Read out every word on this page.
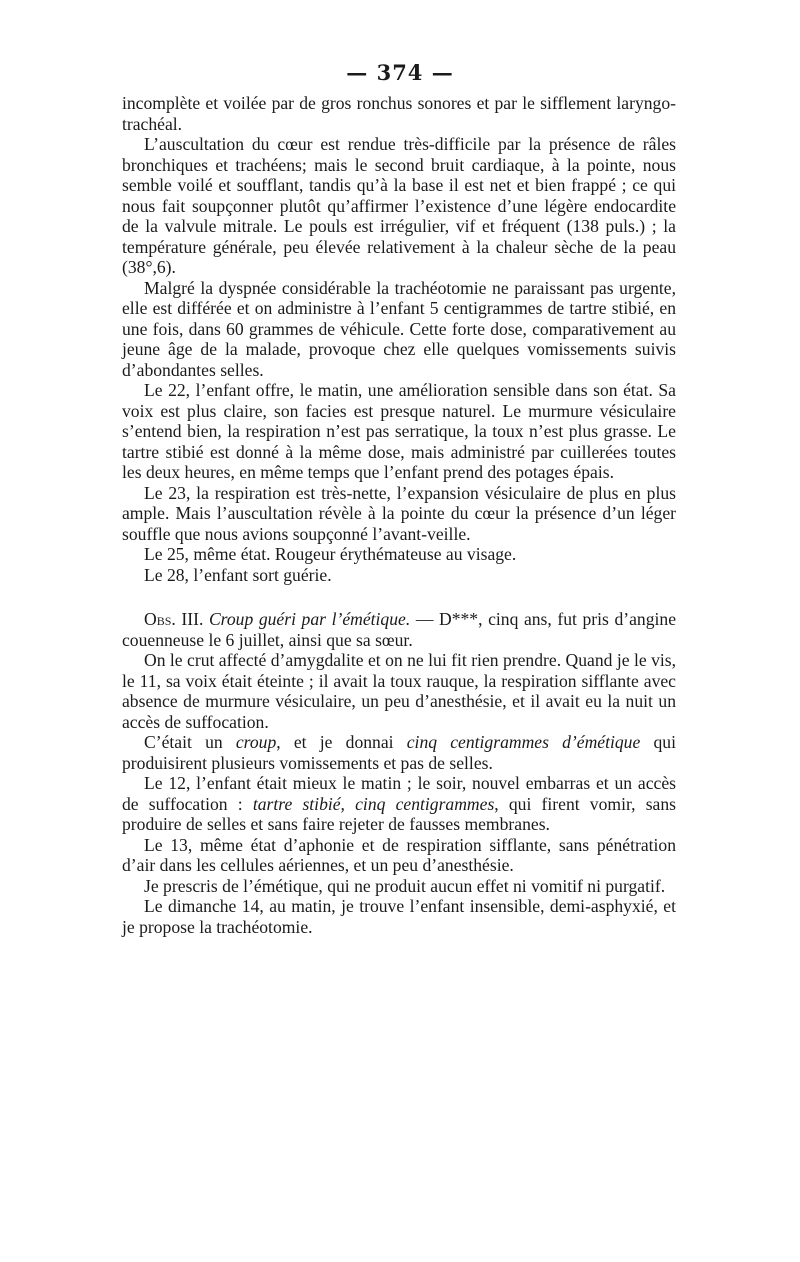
— 374 —

incomplète et voilée par de gros ronchus sonores et par le sifflement laryngo-trachéal.

L’auscultation du cœur est rendue très-difficile par la présence de râles bronchiques et trachéens; mais le second bruit cardiaque, à la pointe, nous semble voilé et soufflant, tandis qu’à la base il est net et bien frappé ; ce qui nous fait soupçonner plutôt qu’affirmer l’existence d’une légère endocardite de la valvule mitrale. Le pouls est irrégulier, vif et fréquent (138 puls.) ; la température générale, peu élevée relativement à la chaleur sèche de la peau (38°,6).

Malgré la dyspnée considérable la trachéotomie ne paraissant pas urgente, elle est différée et on administre à l’enfant 5 centigrammes de tartre stibié, en une fois, dans 60 grammes de véhicule. Cette forte dose, comparativement au jeune âge de la malade, provoque chez elle quelques vomissements suivis d’abondantes selles.

Le 22, l’enfant offre, le matin, une amélioration sensible dans son état. Sa voix est plus claire, son facies est presque naturel. Le murmure vésiculaire s’entend bien, la respiration n’est pas serratique, la toux n’est plus grasse. Le tartre stibié est donné à la même dose, mais administré par cuillerées toutes les deux heures, en même temps que l’enfant prend des potages épais.

Le 23, la respiration est très-nette, l’expansion vésiculaire de plus en plus ample. Mais l’auscultation révèle à la pointe du cœur la présence d’un léger souffle que nous avions soupçonné l’avant-veille.

Le 25, même état. Rougeur érythémateuse au visage.

Le 28, l’enfant sort guérie.

Obs. III. Croup guéri par l’émétique. — D***, cinq ans, fut pris d’angine couenneuse le 6 juillet, ainsi que sa sœur.

On le crut affecté d’amygdalite et on ne lui fit rien prendre. Quand je le vis, le 11, sa voix était éteinte ; il avait la toux rauque, la respiration sifflante avec absence de murmure vésiculaire, un peu d’anesthésie, et il avait eu la nuit un accès de suffocation.

C’était un croup, et je donnai cinq centigrammes d’émétique qui produisirent plusieurs vomissements et pas de selles.

Le 12, l’enfant était mieux le matin ; le soir, nouvel embarras et un accès de suffocation : tartre stibié, cinq centigrammes, qui firent vomir, sans produire de selles et sans faire rejeter de fausses membranes.

Le 13, même état d’aphonie et de respiration sifflante, sans pénétration d’air dans les cellules aériennes, et un peu d’anesthésie.

Je prescris de l’émétique, qui ne produit aucun effet ni vomitif ni purgatif.

Le dimanche 14, au matin, je trouve l’enfant insensible, demi-asphyxié, et je propose la trachéotomie.
